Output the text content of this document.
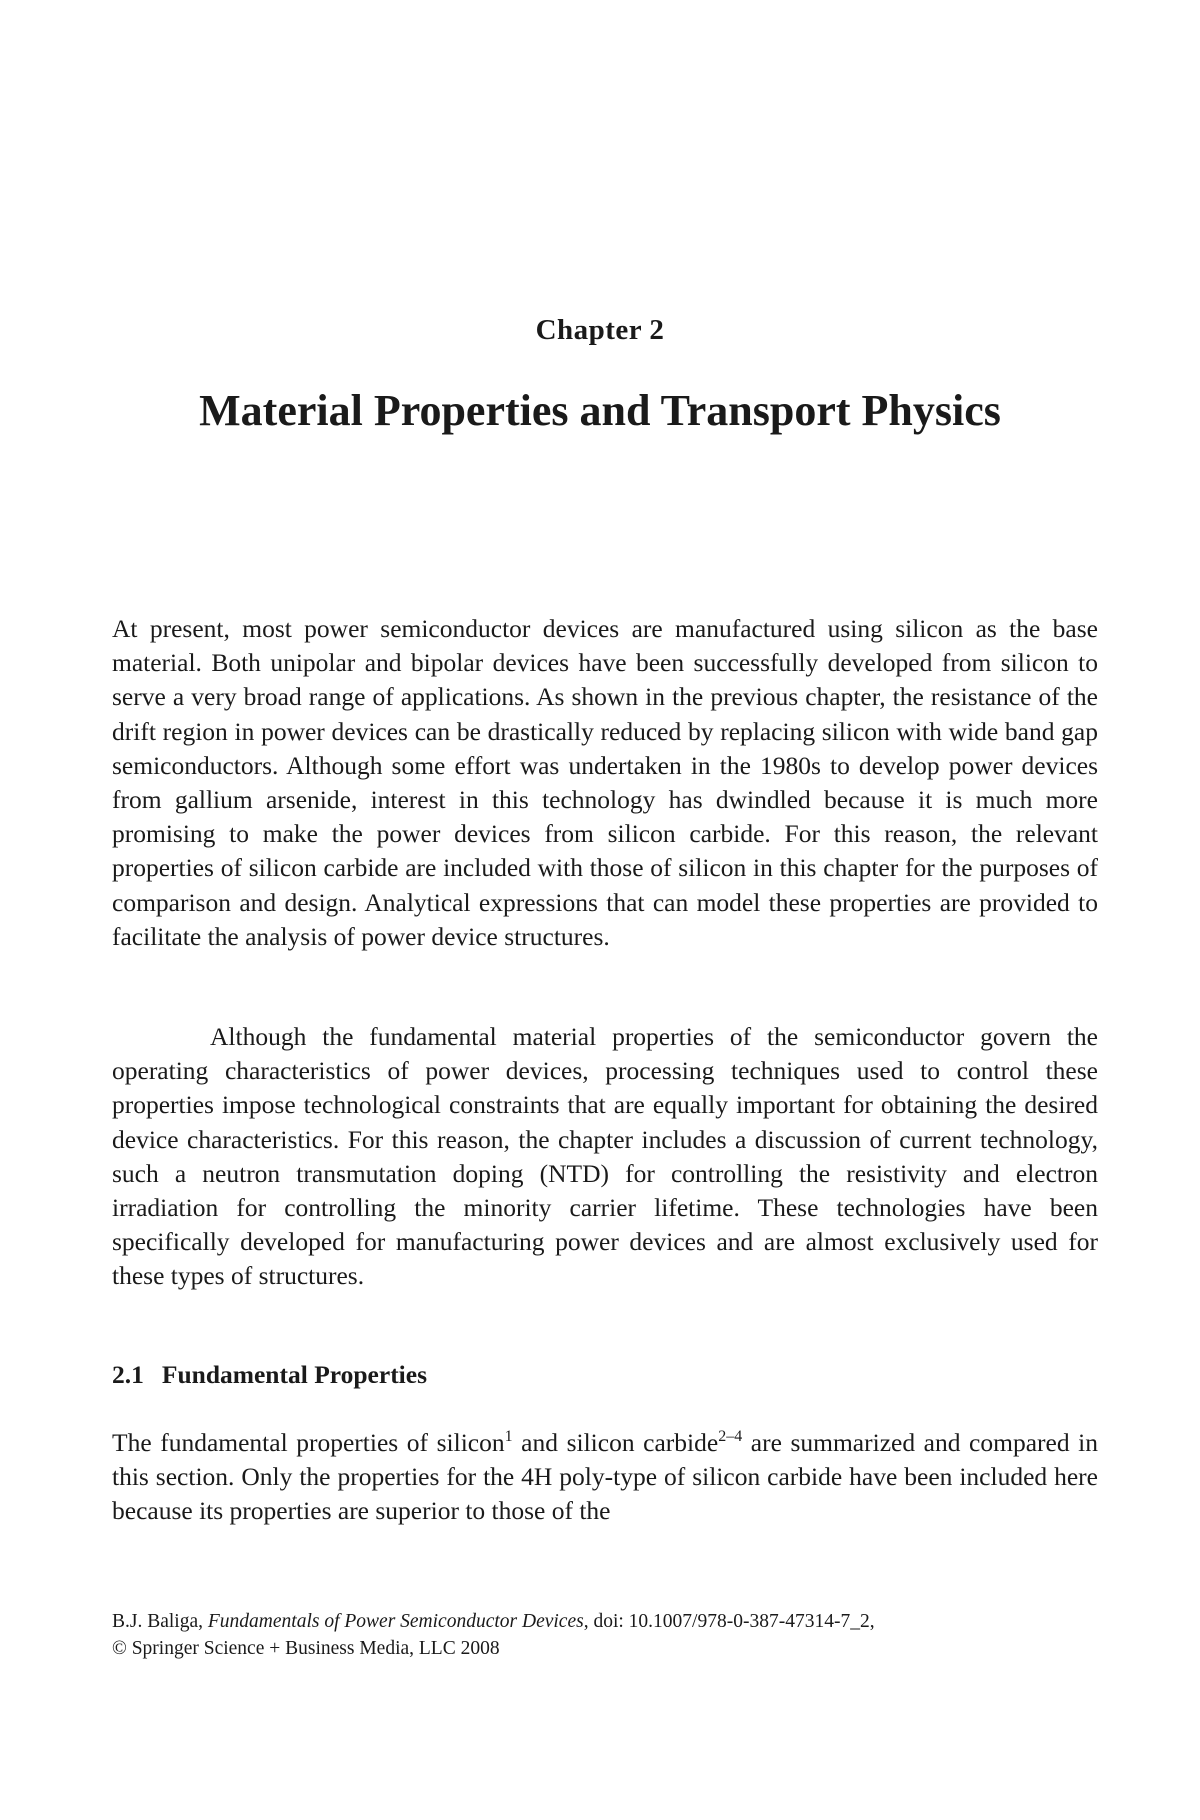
Chapter 2
Material Properties and Transport Physics

At present, most power semiconductor devices are manufactured using silicon as the base material. Both unipolar and bipolar devices have been successfully developed from silicon to serve a very broad range of applications. As shown in the previous chapter, the resistance of the drift region in power devices can be drastically reduced by replacing silicon with wide band gap semiconductors. Although some effort was undertaken in the 1980s to develop power devices from gallium arsenide, interest in this technology has dwindled because it is much more promising to make the power devices from silicon carbide. For this reason, the relevant properties of silicon carbide are included with those of silicon in this chapter for the purposes of comparison and design. Analytical expressions that can model these properties are provided to facilitate the analysis of power device structures.

Although the fundamental material properties of the semiconductor govern the operating characteristics of power devices, processing techniques used to control these properties impose technological constraints that are equally important for obtaining the desired device characteristics. For this reason, the chapter includes a discussion of current technology, such a neutron transmutation doping (NTD) for controlling the resistivity and electron irradiation for controlling the minority carrier lifetime. These technologies have been specifically developed for manufacturing power devices and are almost exclusively used for these types of structures.

2.1 Fundamental Properties

The fundamental properties of silicon$^1$ and silicon carbide$^{2-4}$ are summarized and compared in this section. Only the properties for the 4H poly-type of silicon carbide have been included here because its properties are superior to those of the

B.J. Baliga, Fundamentals of Power Semiconductor Devices, doi: 10.1007/978-0-387-47314-7_2,
© Springer Science + Business Media, LLC 2008
